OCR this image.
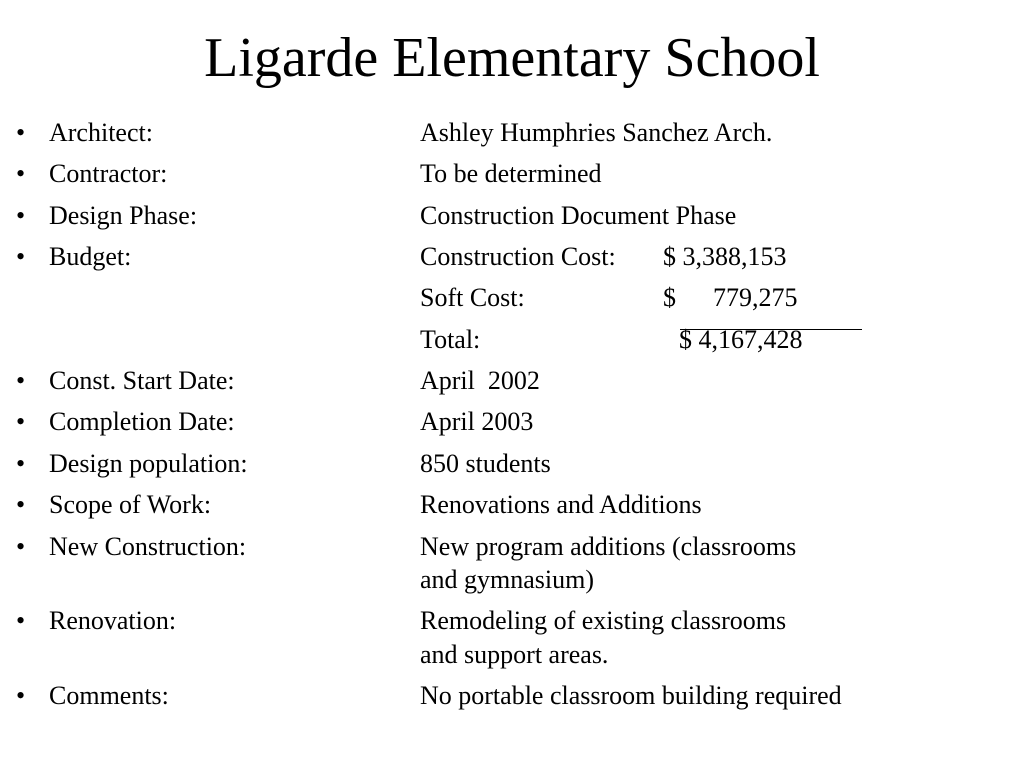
Ligarde Elementary School
• Architect:	Ashley Humphries Sanchez Arch.
• Contractor:	To be determined
• Design Phase:	Construction Document Phase
• Budget:	Construction Cost: $ 3,388,153
Soft Cost:	$ 779,275
Total:	$ 4,167,428
• Const. Start Date:	April  2002
• Completion Date:	April 2003
• Design population:	850 students
• Scope of Work:	Renovations and Additions
• New Construction:	New program additions (classrooms
and gymnasium)
• Renovation:	Remodeling of existing classrooms
and support areas.
• Comments:	No portable classroom building required
